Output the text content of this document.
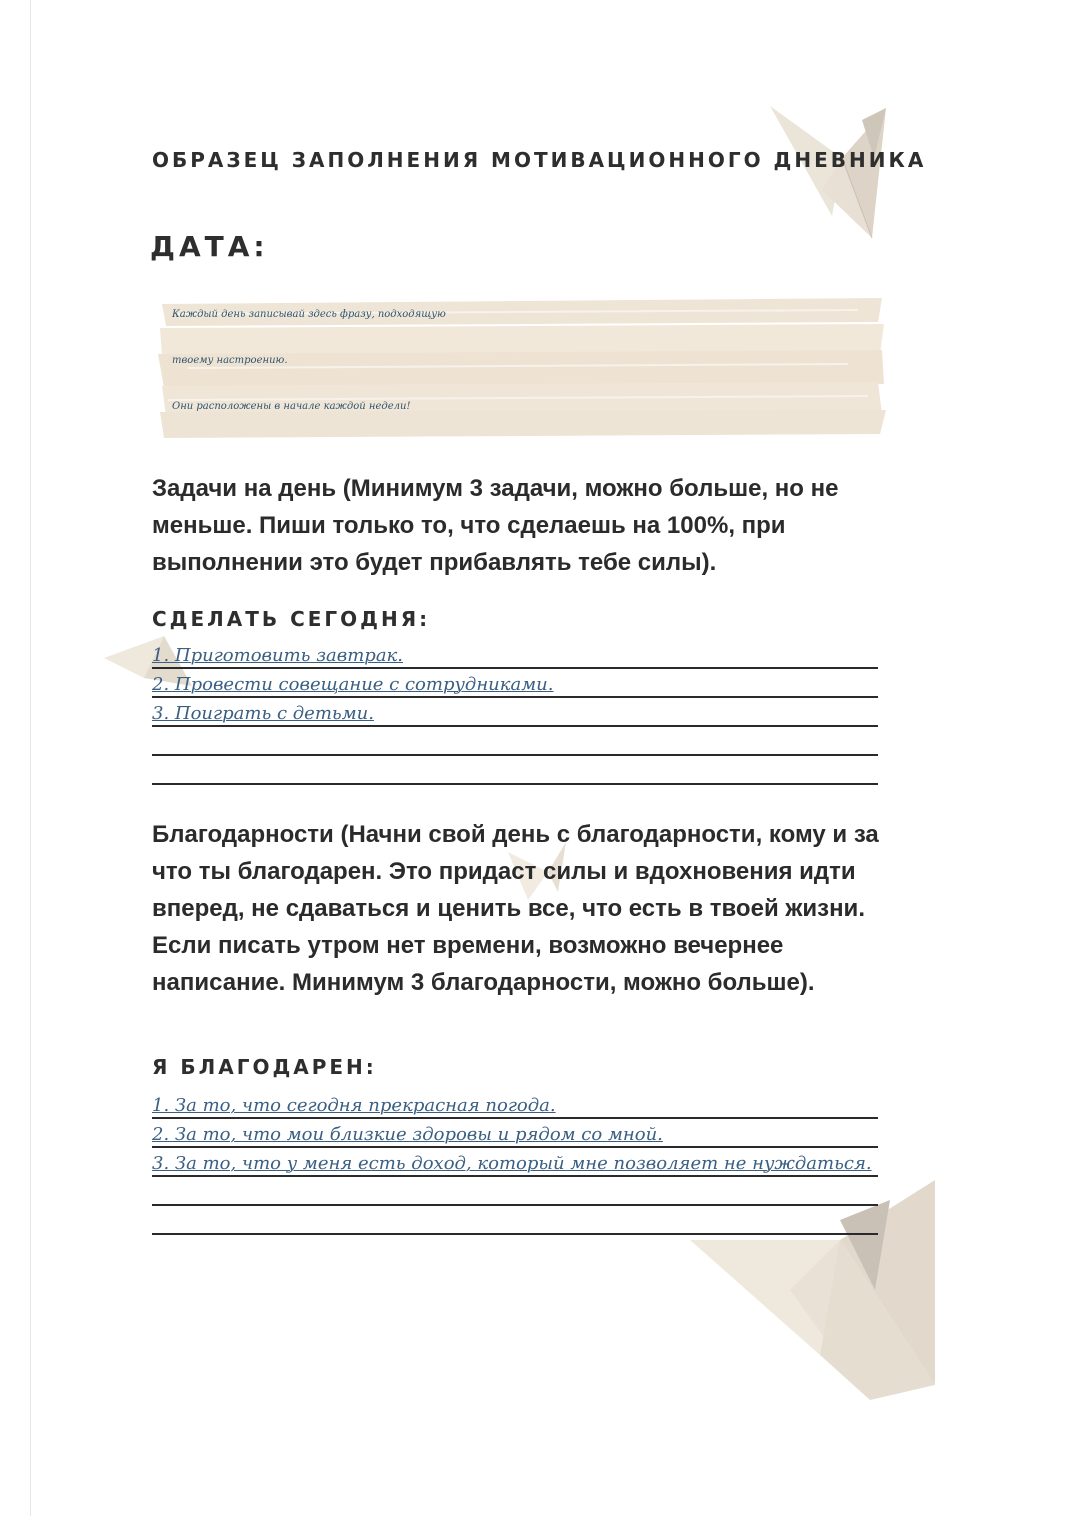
ОБРАЗЕЦ ЗАПОЛНЕНИЯ МОТИВАЦИОННОГО ДНЕВНИКА
ДАТА:
Каждый день записывай здесь фразу, подходящую
твоему настроению.
Они расположены в начале каждой недели!
Задачи на день (Минимум 3 задачи, можно больше, но не меньше. Пиши только то, что сделаешь на 100%, при выполнении это будет прибавлять тебе силы).
СДЕЛАТЬ СЕГОДНЯ:
1. Приготовить завтрак.
2. Провести совещание с сотрудниками.
3. Поиграть с детьми.
Благодарности (Начни свой день с благодарности, кому и за что ты благодарен. Это придаст силы и вдохновения идти вперед, не сдаваться и ценить все, что есть в твоей жизни. Если писать утром нет времени, возможно вечернее написание. Минимум 3 благодарности, можно больше).
Я БЛАГОДАРЕН:
1. За то, что сегодня прекрасная погода.
2. За то, что мои близкие здоровы и рядом со мной.
3. За то, что у меня есть доход, который мне позволяет не нуждаться.
